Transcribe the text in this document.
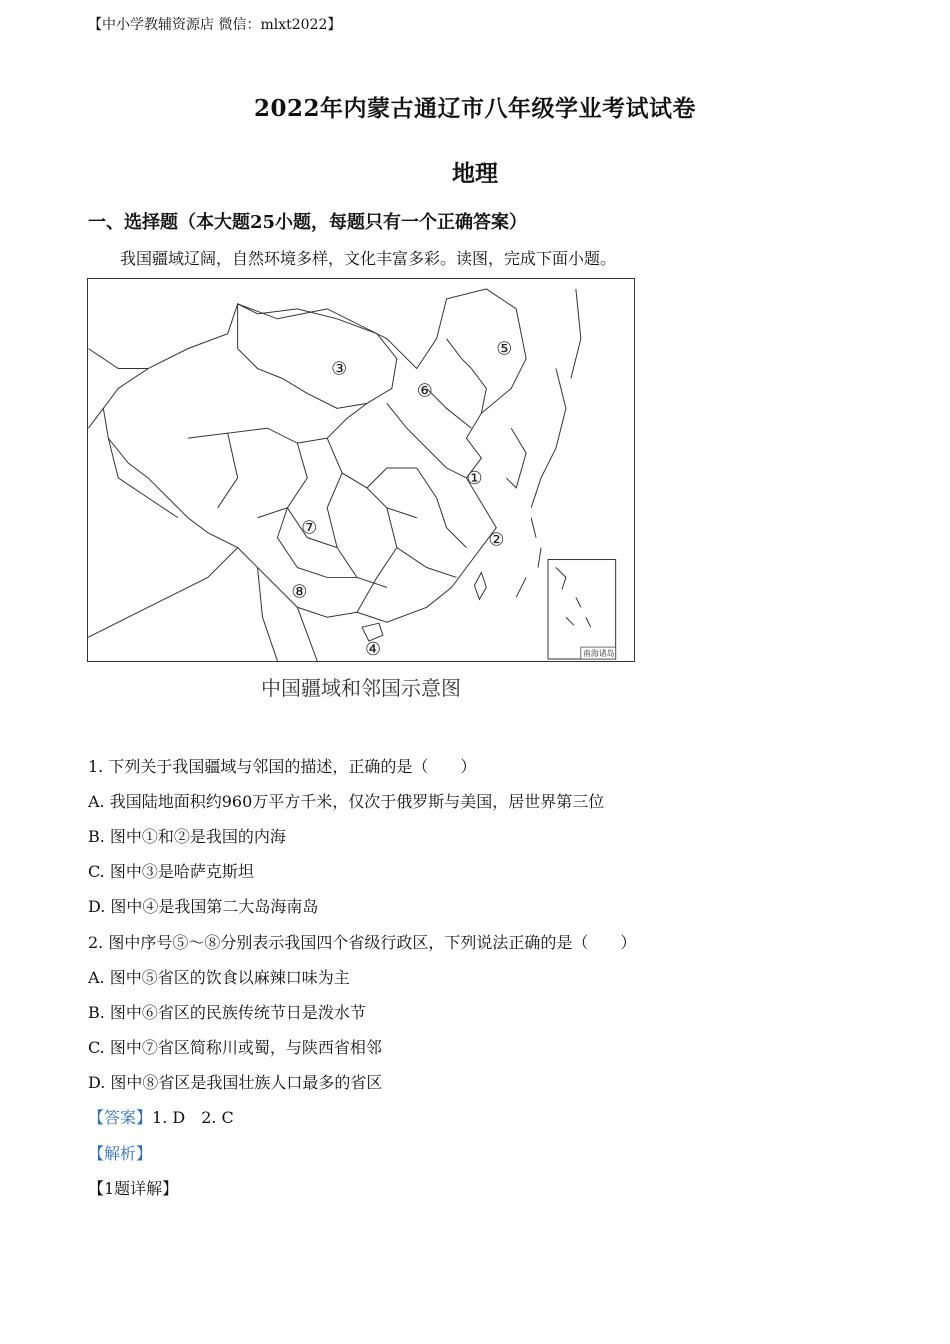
【中小学教辅资源店 微信：mlxt2022】
2022年内蒙古通辽市八年级学业考试试卷
地理
一、选择题（本大题25小题，每题只有一个正确答案）
我国疆域辽阔，自然环境多样，文化丰富多彩。读图，完成下面小题。
南海诸岛
①
②
③
④
⑤
⑥
⑦
⑧
中国疆域和邻国示意图
1. 下列关于我国疆域与邻国的描述，正确的是（　　）
A. 我国陆地面积约960万平方千米，仅次于俄罗斯与美国，居世界第三位
B. 图中①和②是我国的内海
C. 图中③是哈萨克斯坦
D. 图中④是我国第二大岛海南岛
2. 图中序号⑤～⑧分别表示我国四个省级行政区，下列说法正确的是（　　）
A. 图中⑤省区的饮食以麻辣口味为主
B. 图中⑥省区的民族传统节日是泼水节
C. 图中⑦省区简称川或蜀，与陕西省相邻
D. 图中⑧省区是我国壮族人口最多的省区
【答案】1. D　2. C
【解析】
【1题详解】
